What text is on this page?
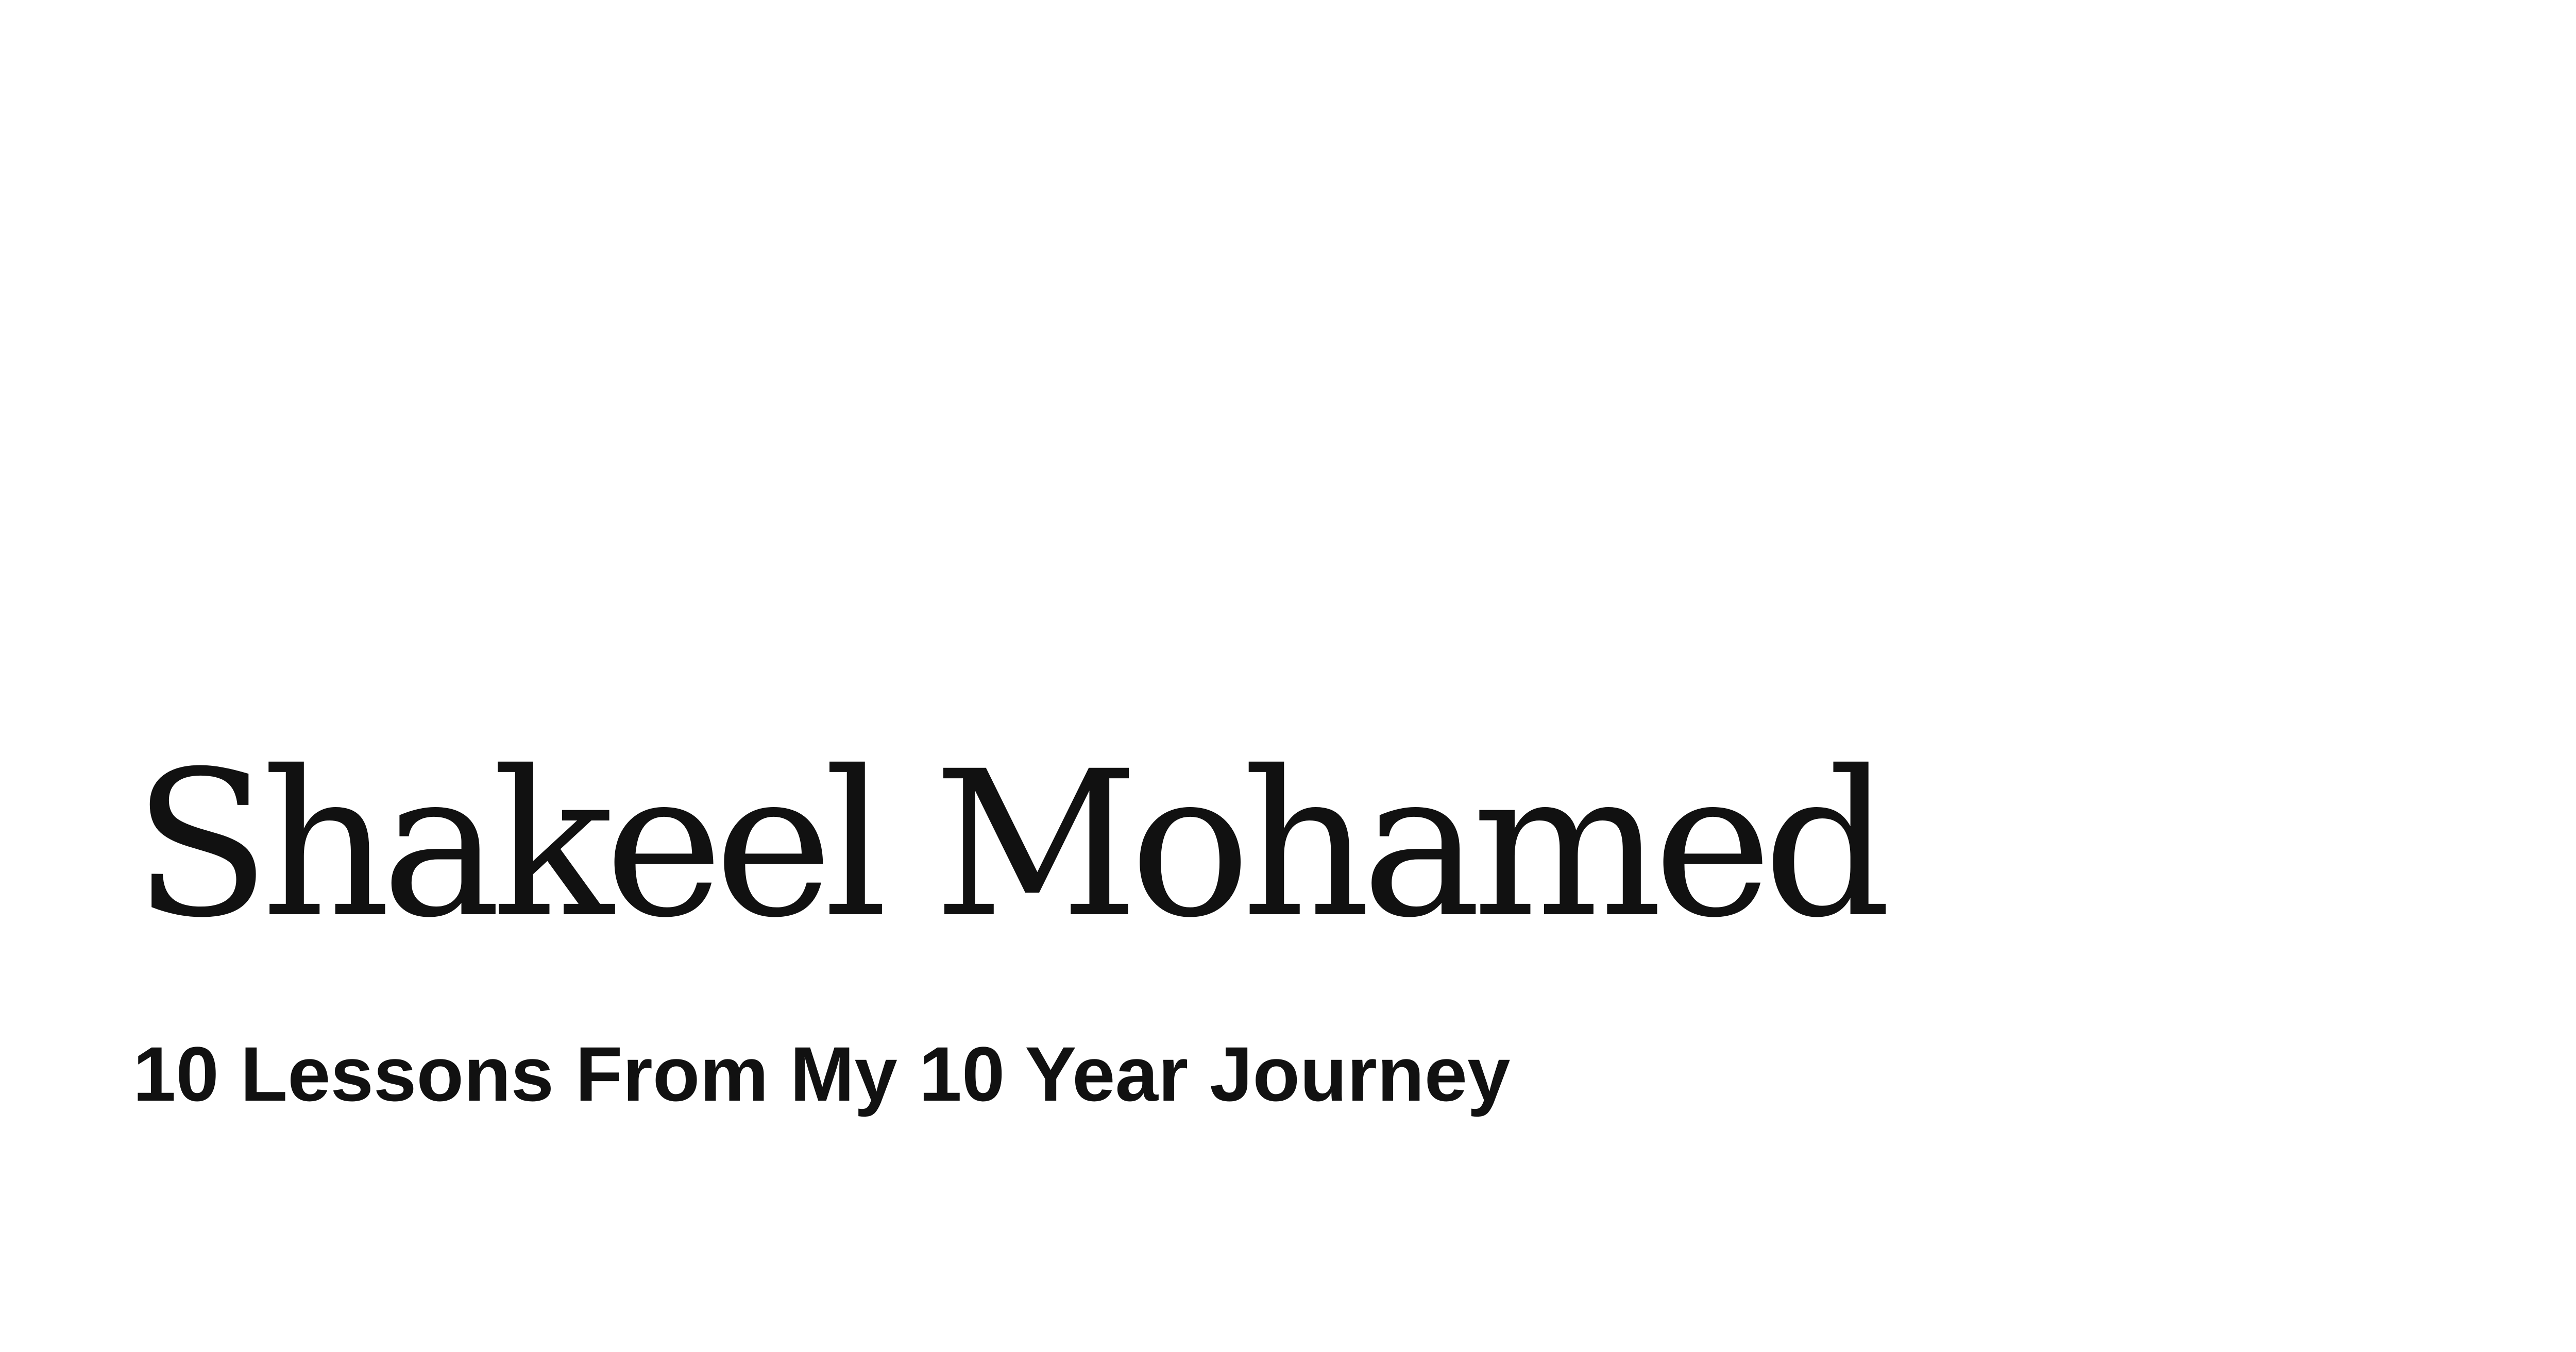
Shakeel Mohamed
10 Lessons From My 10 Year Journey
